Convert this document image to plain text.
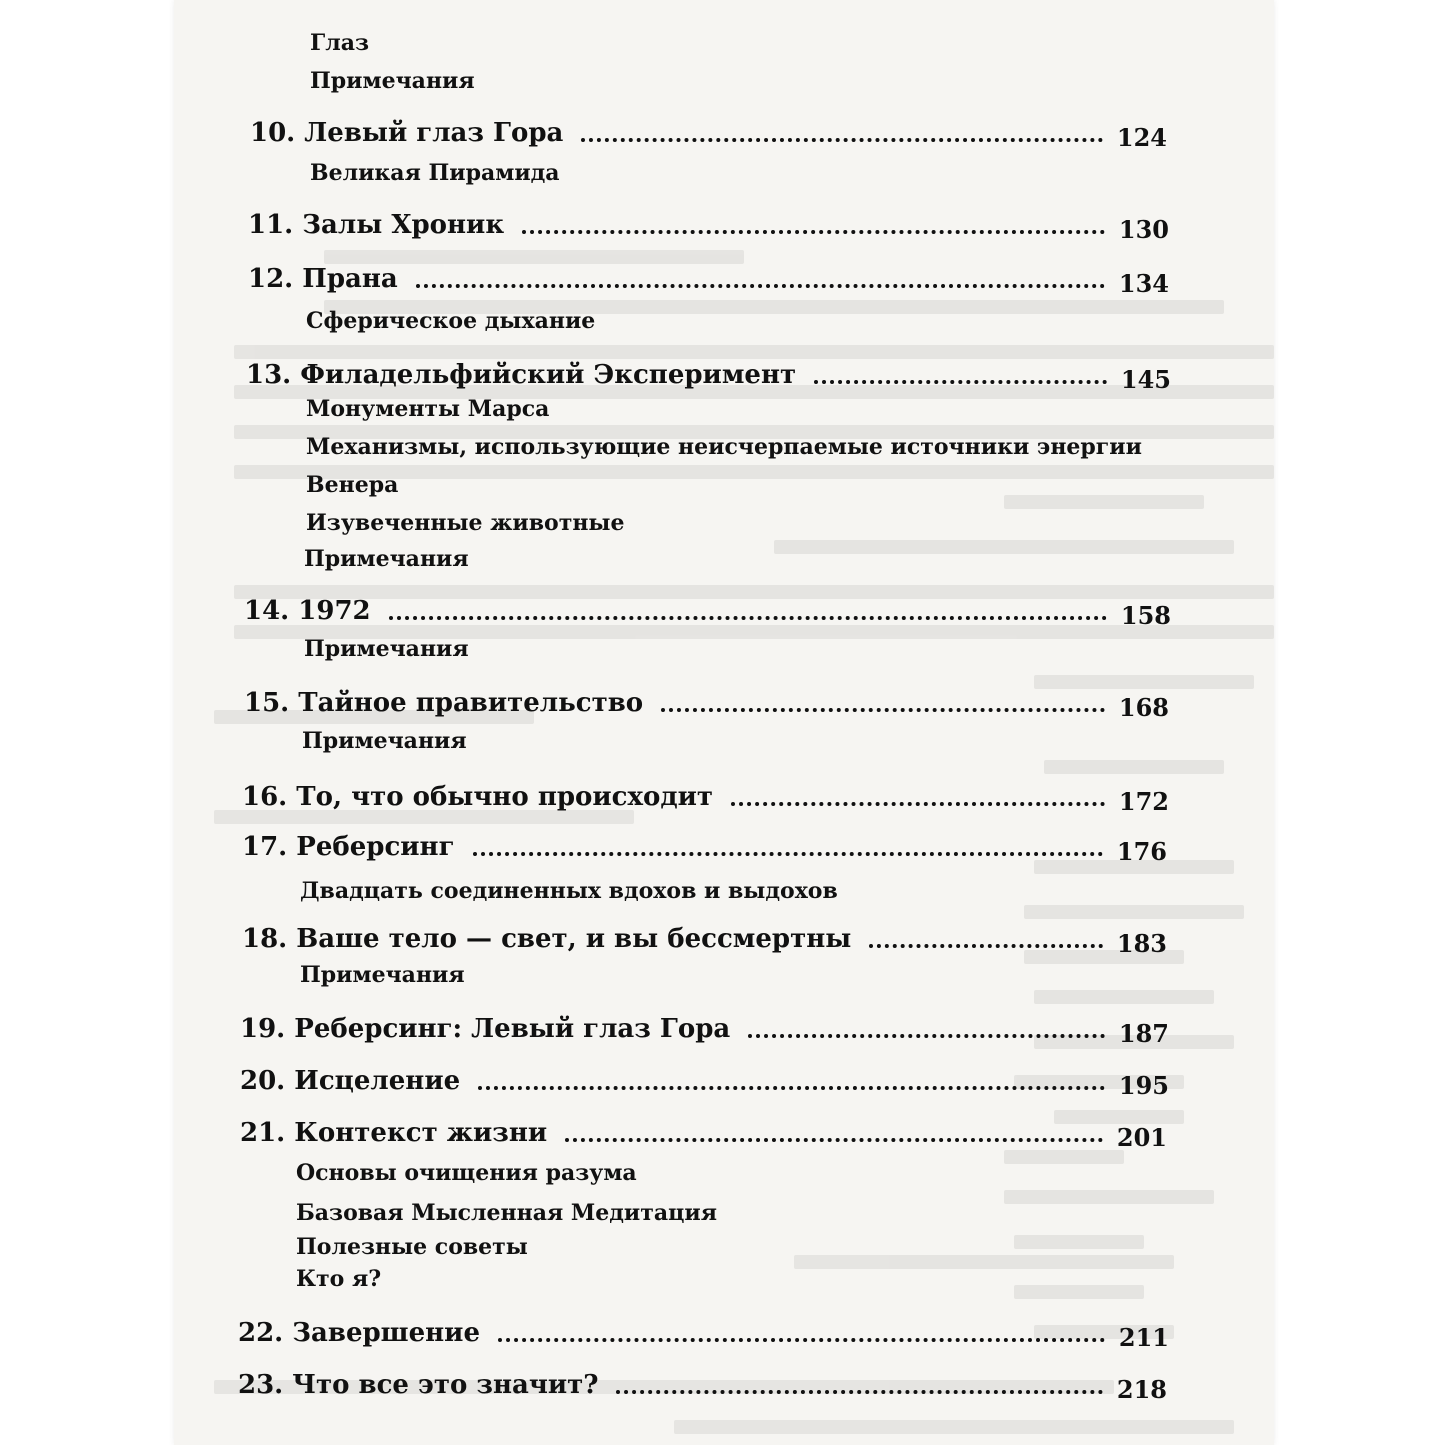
Глаз
Примечания
10. Левый глаз Гора	124
Великая Пирамида
11. Залы Хроник	130
12. Прана	134
Сферическое дыхание
13. Филадельфийский Эксперимент	145
Монументы Марса
Механизмы, использующие неисчерпаемые источники энергии
Венера
Изувеченные животные
Примечания
14. 1972	158
Примечания
15. Тайное правительство	168
Примечания
16. То, что обычно происходит	172
17. Реберсинг	176
Двадцать соединенных вдохов и выдохов
18. Ваше тело — свет, и вы бессмертны	183
Примечания
19. Реберсинг: Левый глаз Гора	187
20. Исцеление	195
21. Контекст жизни	201
Основы очищения разума
Базовая Мысленная Медитация
Полезные советы
Кто я?
22. Завершение	211
23. Что все это значит?	218
